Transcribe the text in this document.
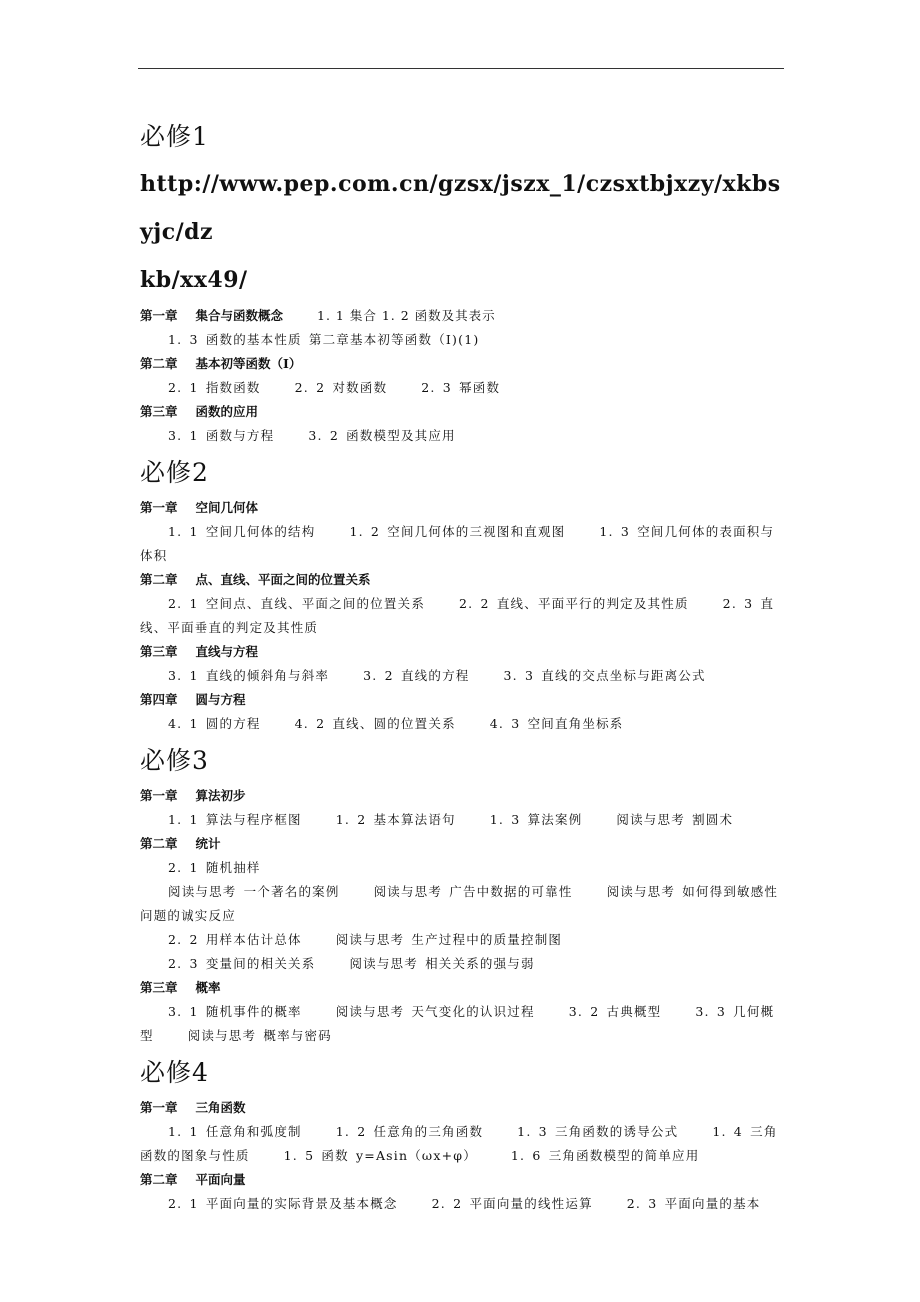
必修1

http://www.pep.com.cn/gzsx/jszx_1/czsxtbjxzy/xkbsyjc/dz
kb/xx49/

第一章 集合与函数概念	1. 1 集合 1. 2 函数及其表示

1. 3 函数的基本性质 第二章基本初等函数（Ⅰ)(1)

第二章 基本初等函数（Ⅰ）

2. 1 指数函数	2. 2 对数函数	2. 3 幂函数

第三章 函数的应用

3. 1 函数与方程	3. 2 函数模型及其应用

必修2

第一章 空间几何体

1. 1 空间几何体的结构	1. 2 空间几何体的三视图和直观图	1. 3 空间几何体的表面积与体积

第二章 点、直线、平面之间的位置关系

2. 1 空间点、直线、平面之间的位置关系	2. 2 直线、平面平行的判定及其性质	2. 3 直线、平面垂直的判定及其性质

第三章 直线与方程

3. 1 直线的倾斜角与斜率	3. 2 直线的方程	3. 3 直线的交点坐标与距离公式

第四章 圆与方程

4. 1 圆的方程	4. 2 直线、圆的位置关系	4. 3 空间直角坐标系

必修3

第一章 算法初步

1. 1 算法与程序框图	1. 2 基本算法语句	1. 3 算法案例	阅读与思考 割圆术

第二章 统计

2. 1 随机抽样

阅读与思考 一个著名的案例	阅读与思考 广告中数据的可靠性	阅读与思考 如何得到敏感性问题的诚实反应

2. 2 用样本估计总体	阅读与思考 生产过程中的质量控制图

2. 3 变量间的相关关系	阅读与思考 相关关系的强与弱

第三章 概率

3. 1 随机事件的概率	阅读与思考 天气变化的认识过程	3. 2 古典概型	3. 3 几何概型	阅读与思考 概率与密码

必修4

第一章 三角函数

1. 1 任意角和弧度制	1. 2 任意角的三角函数	1. 3 三角函数的诱导公式	1. 4 三角函数的图象与性质	1. 5 函数 y=Asin（ωx+φ）	1. 6 三角函数模型的简单应用

第二章 平面向量

2. 1 平面向量的实际背景及基本概念	2. 2 平面向量的线性运算	2. 3 平面向量的基本
